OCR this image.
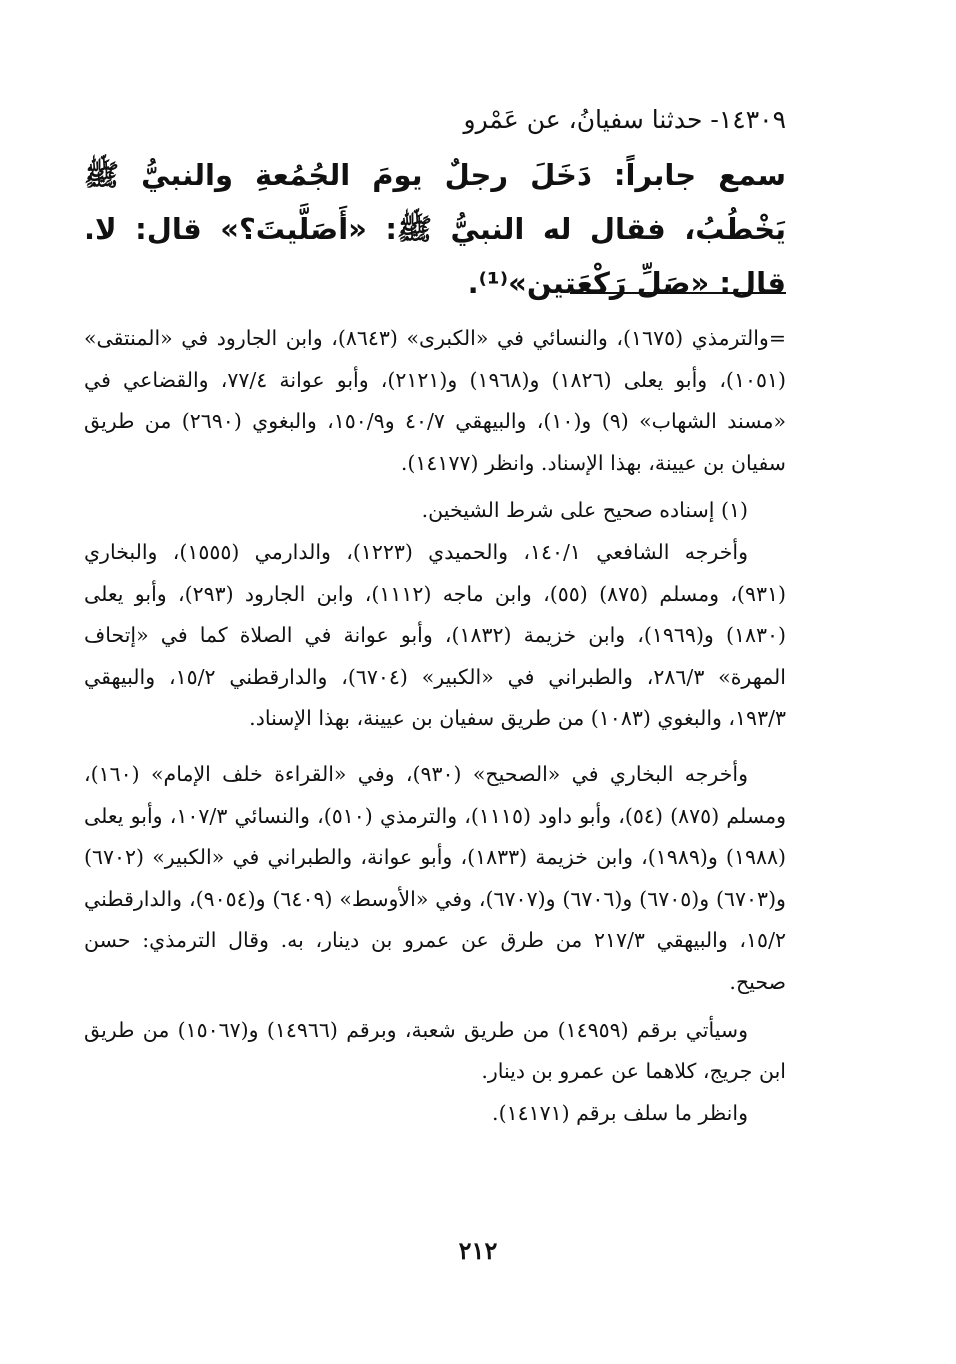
١٤٣٠٩- حدثنا سفيانُ، عن عَمْرو

سمع جابراً: دَخَلَ رجلٌ يومَ الجُمُعةِ والنبيُّ ﷺ يَخْطُبُ، فقال له النبيُّ ﷺ: «أَصَلَّيتَ؟» قال: لا. قال: «صَلِّ رَكْعَتين»⁽¹⁾.

=والترمذي (١٦٧٥)، والنسائي في «الكبرى» (٨٦٤٣)، وابن الجارود في «المنتقى» (١٠٥١)، وأبو يعلى (١٨٢٦) و(١٩٦٨) و(٢١٢١)، وأبو عوانة ٧٧/٤، والقضاعي في «مسند الشهاب» (٩) و(١٠)، والبيهقي ٤٠/٧ و١٥٠/٩، والبغوي (٢٦٩٠) من طريق سفيان بن عيينة، بهذا الإسناد. وانظر (١٤١٧٧).

(١) إسناده صحيح على شرط الشيخين.

وأخرجه الشافعي ١٤٠/١، والحميدي (١٢٢٣)، والدارمي (١٥٥٥)، والبخاري (٩٣١)، ومسلم (٨٧٥) (٥٥)، وابن ماجه (١١١٢)، وابن الجارود (٢٩٣)، وأبو يعلى (١٨٣٠) و(١٩٦٩)، وابن خزيمة (١٨٣٢)، وأبو عوانة في الصلاة كما في «إتحاف المهرة» ٢٨٦/٣، والطبراني في «الكبير» (٦٧٠٤)، والدارقطني ١٥/٢، والبيهقي ١٩٣/٣، والبغوي (١٠٨٣) من طريق سفيان بن عيينة، بهذا الإسناد.

وأخرجه البخاري في «الصحيح» (٩٣٠)، وفي «القراءة خلف الإمام» (١٦٠)، ومسلم (٨٧٥) (٥٤)، وأبو داود (١١١٥)، والترمذي (٥١٠)، والنسائي ١٠٧/٣، وأبو يعلى (١٩٨٨) و(١٩٨٩)، وابن خزيمة (١٨٣٣)، وأبو عوانة، والطبراني في «الكبير» (٦٧٠٢) و(٦٧٠٣) و(٦٧٠٥) و(٦٧٠٦) و(٦٧٠٧)، وفي «الأوسط» (٦٤٠٩) و(٩٠٥٤)، والدارقطني ١٥/٢، والبيهقي ٢١٧/٣ من طرق عن عمرو بن دينار، به. وقال الترمذي: حسن صحيح.

وسيأتي برقم (١٤٩٥٩) من طريق شعبة، وبرقم (١٤٩٦٦) و(١٥٠٦٧) من طريق ابن جريج، كلاهما عن عمرو بن دينار.

وانظر ما سلف برقم (١٤١٧١).

٢١٢
